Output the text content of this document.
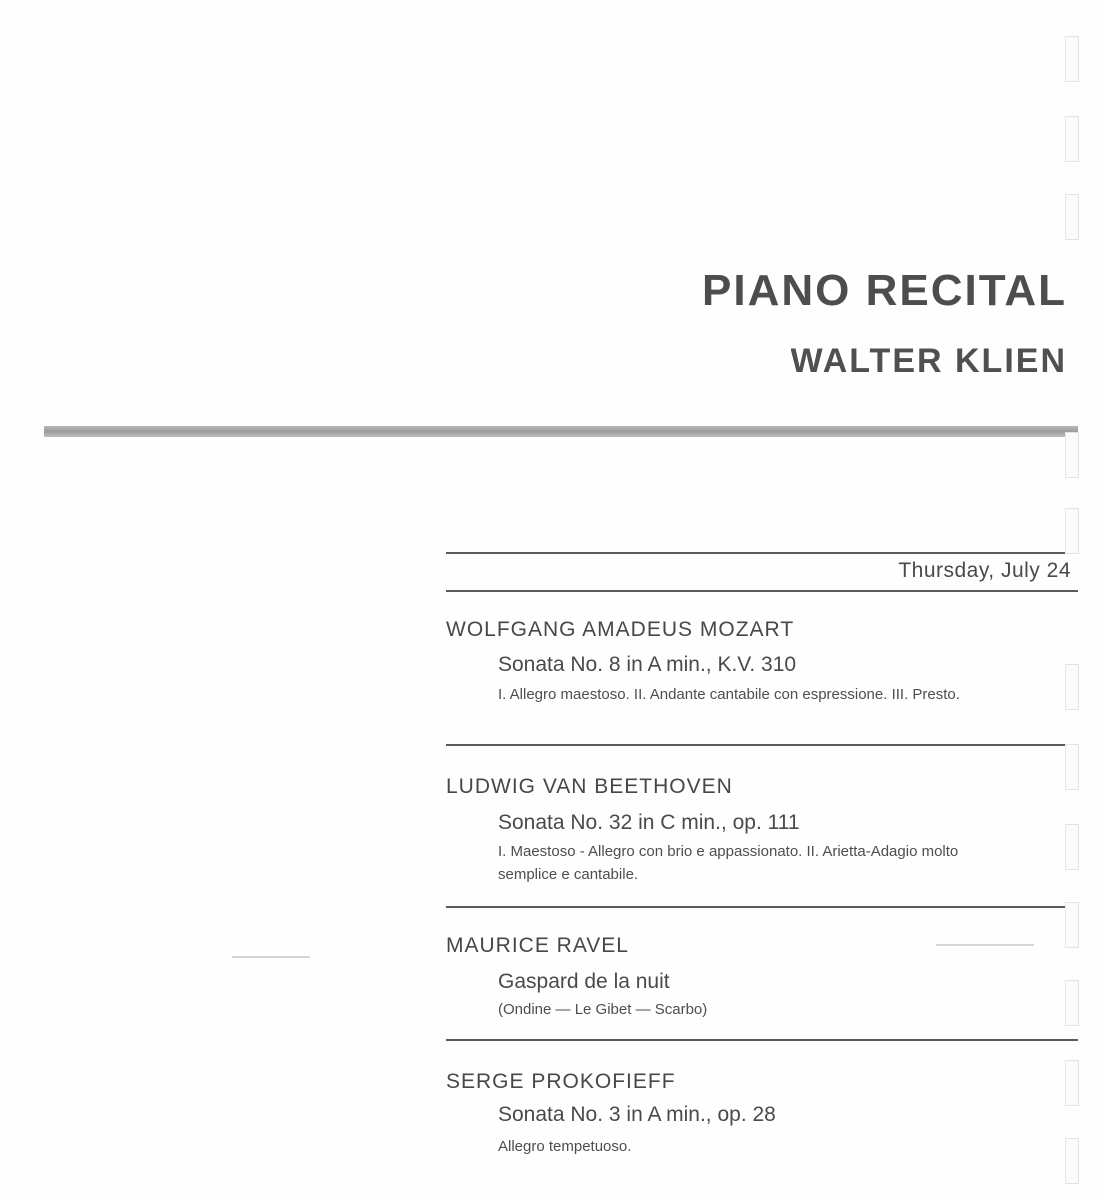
PIANO RECITAL
WALTER KLIEN
Thursday, July 24
WOLFGANG AMADEUS MOZART
Sonata No. 8 in A min., K.V. 310
I. Allegro maestoso. II. Andante cantabile con espressione. III. Presto.
LUDWIG VAN BEETHOVEN
Sonata No. 32 in C min., op. 111
I. Maestoso - Allegro con brio e appassionato. II. Arietta-Adagio molto semplice e cantabile.
MAURICE RAVEL
Gaspard de la nuit
(Ondine — Le Gibet — Scarbo)
SERGE PROKOFIEFF
Sonata No. 3 in A min., op. 28
Allegro tempetuoso.
